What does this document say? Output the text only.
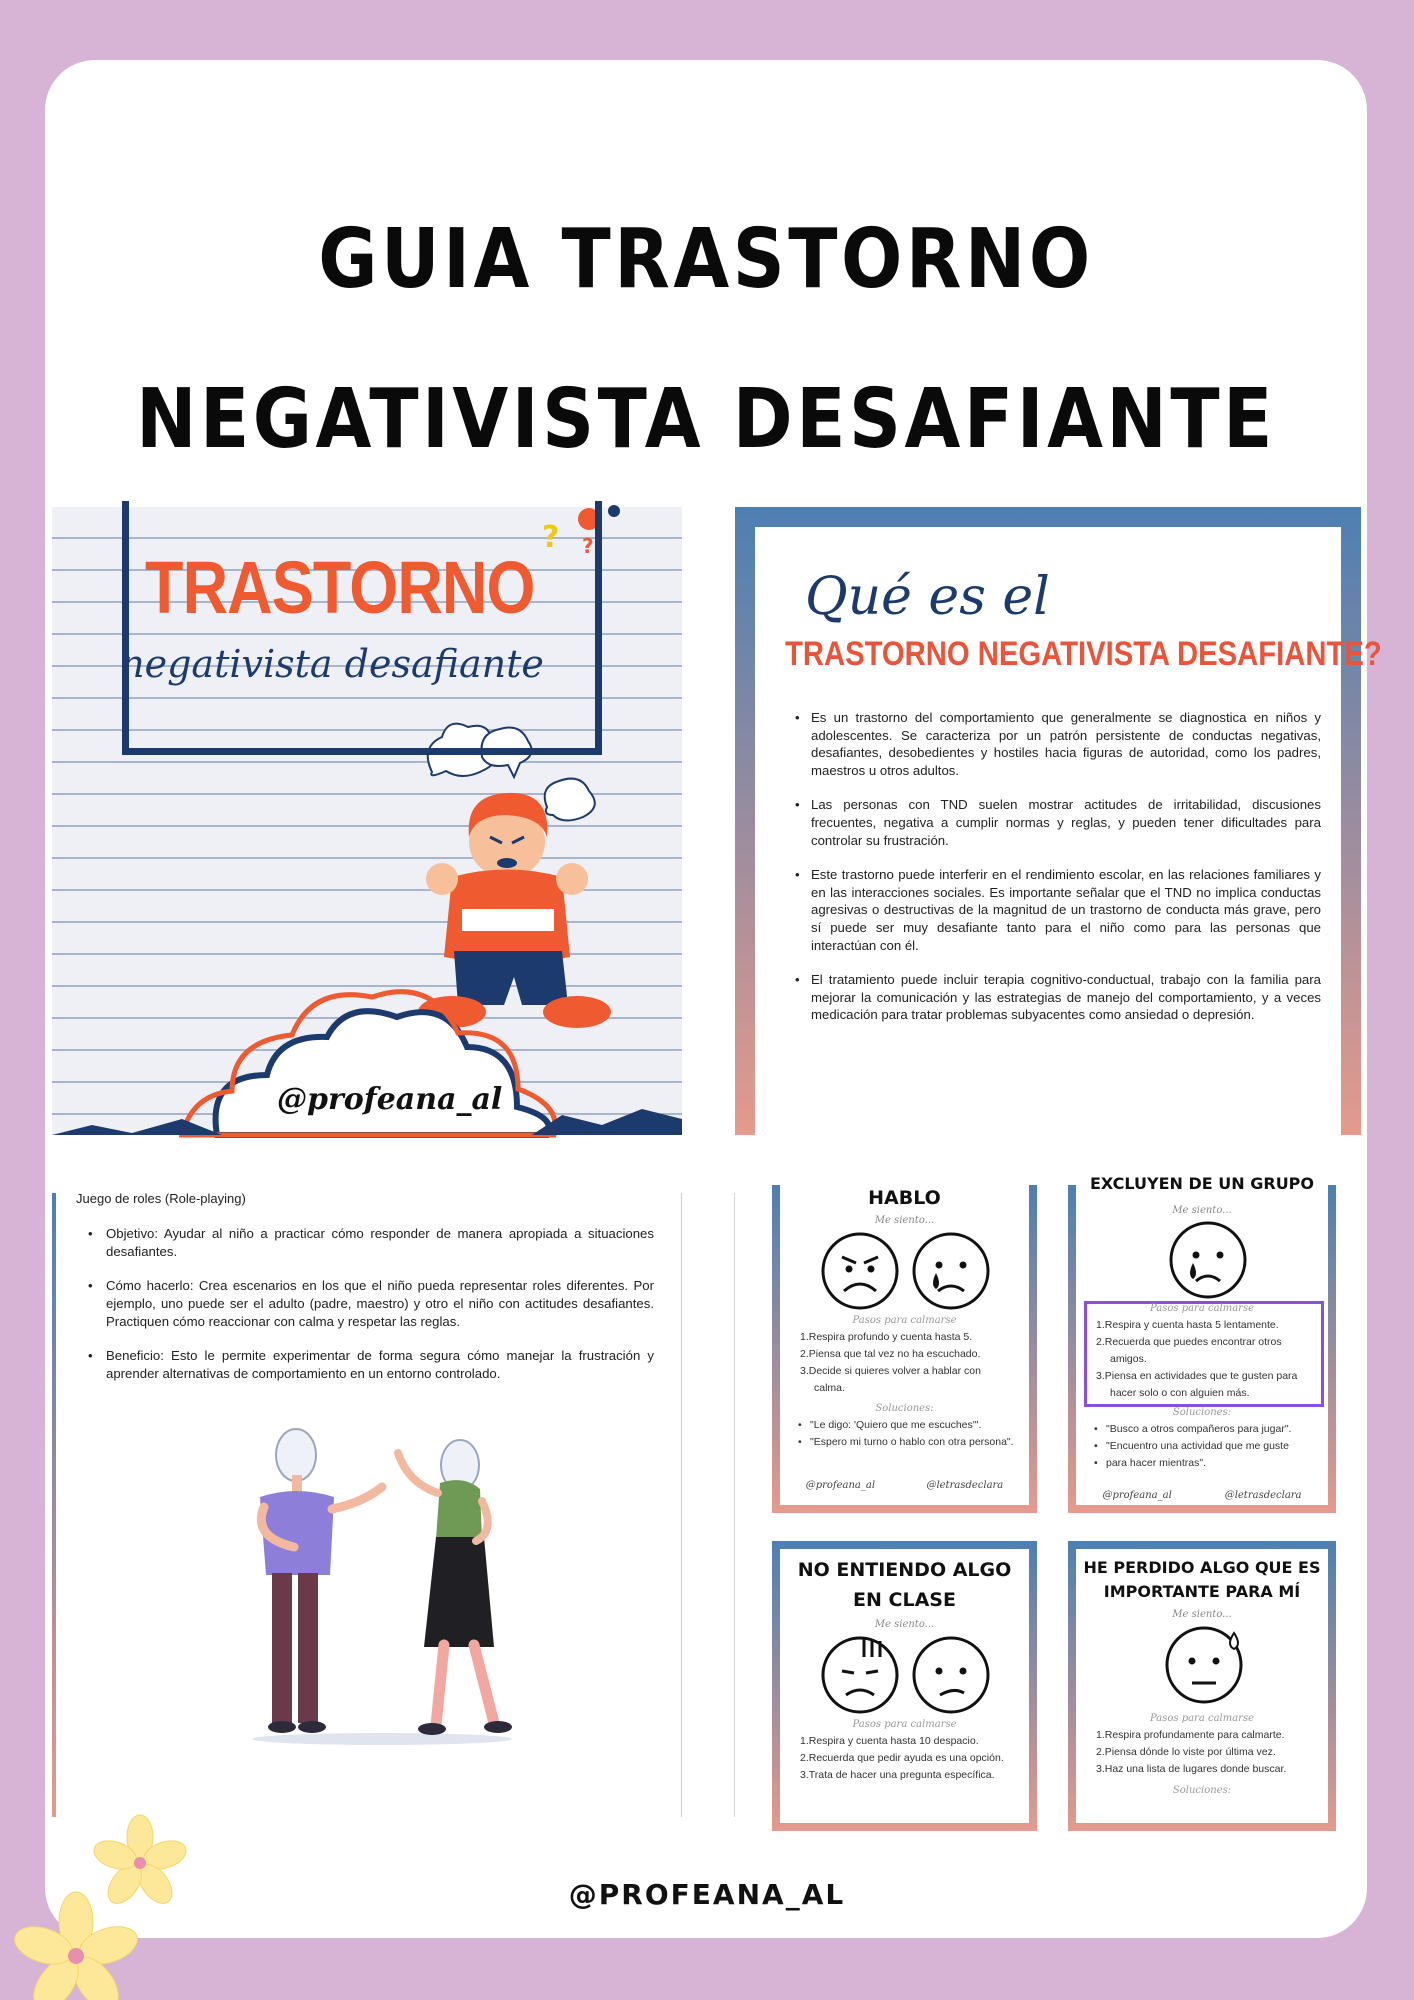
GUIA TRASTORNO
NEGATIVISTA DESAFIANTE
? ?
TRASTORNO
negativista desafiante
@profeana_al
Qué es el
TRASTORNO NEGATIVISTA DESAFIANTE?
• Es un trastorno del comportamiento que generalmente se diagnostica en niños y adolescentes. Se caracteriza por un patrón persistente de conductas negativas, desafiantes, desobedientes y hostiles hacia figuras de autoridad, como los padres, maestros u otros adultos.
• Las personas con TND suelen mostrar actitudes de irritabilidad, discusiones frecuentes, negativa a cumplir normas y reglas, y pueden tener dificultades para controlar su frustración.
• Este trastorno puede interferir en el rendimiento escolar, en las relaciones familiares y en las interacciones sociales. Es importante señalar que el TND no implica conductas agresivas o destructivas de la magnitud de un trastorno de conducta más grave, pero sí puede ser muy desafiante tanto para el niño como para las personas que interactúan con él.
• El tratamiento puede incluir terapia cognitivo-conductual, trabajo con la familia para mejorar la comunicación y las estrategias de manejo del comportamiento, y a veces medicación para tratar problemas subyacentes como ansiedad o depresión.
Juego de roles (Role-playing)
• Objetivo: Ayudar al niño a practicar cómo responder de manera apropiada a situaciones desafiantes.
• Cómo hacerlo: Crea escenarios en los que el niño pueda representar roles diferentes. Por ejemplo, uno puede ser el adulto (padre, maestro) y otro el niño con actitudes desafiantes. Practiquen cómo reaccionar con calma y respetar las reglas.
• Beneficio: Esto le permite experimentar de forma segura cómo manejar la frustración y aprender alternativas de comportamiento en un entorno controlado.
HABLO
Me siento...
Pasos para calmarse
1.Respira profundo y cuenta hasta 5.
2.Piensa que tal vez no ha escuchado.
3.Decide si quieres volver a hablar con
calma.
Soluciones:
• "Le digo: 'Quiero que me escuches'".
• "Espero mi turno o hablo con otra persona".
@profeana_al	@letrasdeclara
EXCLUYEN DE UN GRUPO
Me siento...
Pasos para calmarse
1.Respira y cuenta hasta 5 lentamente.
2.Recuerda que puedes encontrar otros
amigos.
3.Piensa en actividades que te gusten para
hacer solo o con alguien más.
Soluciones:
• "Busco a otros compañeros para jugar".
• "Encuentro una actividad que me guste
• para hacer mientras".
@profeana_al	@letrasdeclara
NO ENTIENDO ALGO
EN CLASE
Me siento...
Pasos para calmarse
1.Respira y cuenta hasta 10 despacio.
2.Recuerda que pedir ayuda es una opción.
3.Trata de hacer una pregunta específica.
HE PERDIDO ALGO QUE ES
IMPORTANTE PARA MÍ
Me siento...
Pasos para calmarse
1.Respira profundamente para calmarte.
2.Piensa dónde lo viste por última vez.
3.Haz una lista de lugares donde buscar.
Soluciones:
@PROFEANA_AL
